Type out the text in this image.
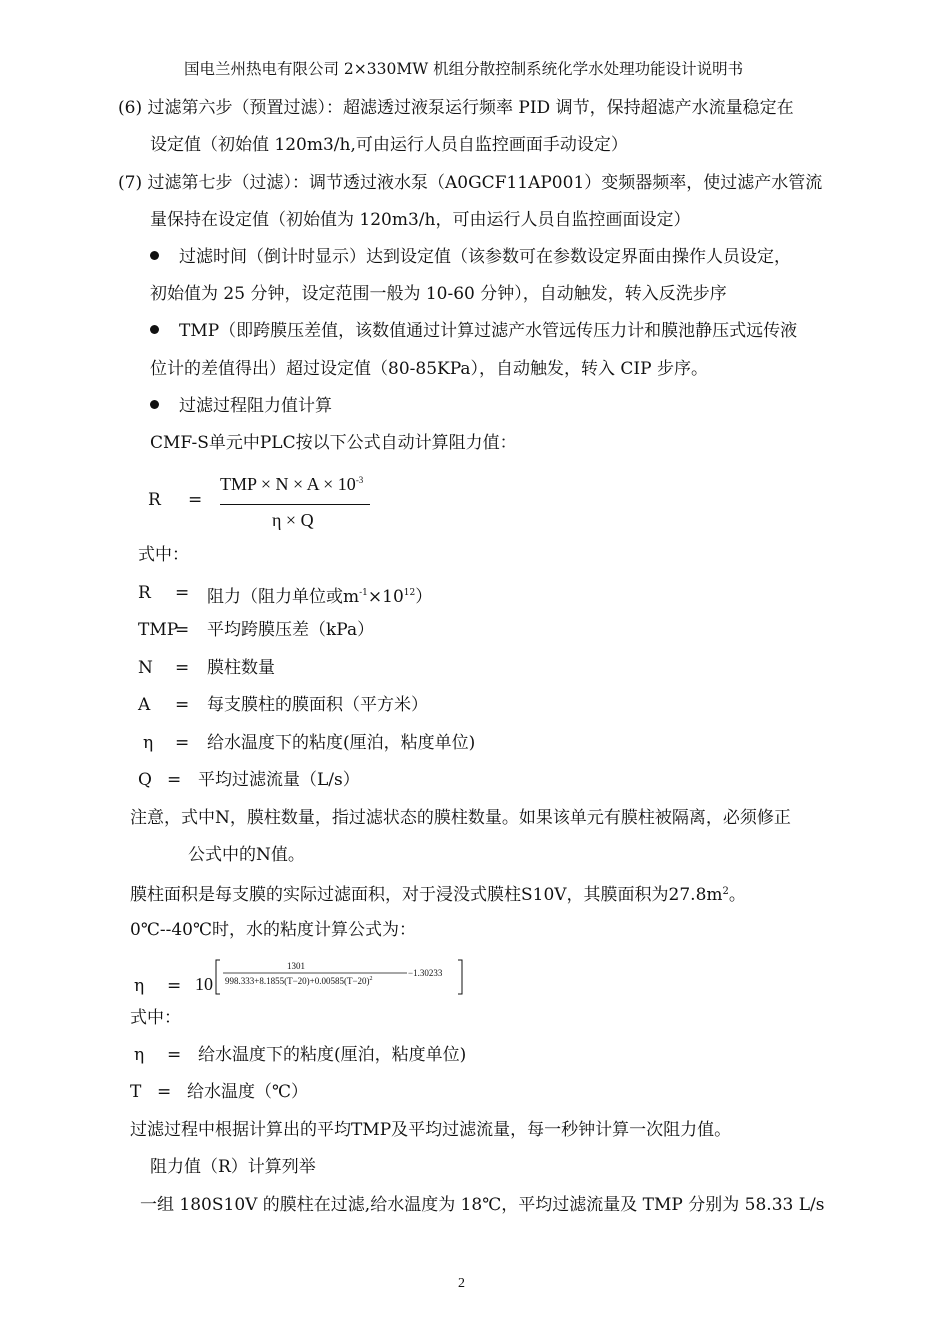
国电兰州热电有限公司 2×330MW 机组分散控制系统化学水处理功能设计说明书
(6) 过滤第六步（预置过滤）：超滤透过液泵运行频率 PID 调节，保持超滤产水流量稳定在
设定值（初始值 120m3/h,可由运行人员自监控画面手动设定）
(7) 过滤第七步（过滤）：调节透过液水泵（A0GCF11AP001）变频器频率，使过滤产水管流
量保持在设定值（初始值为 120m3/h，可由运行人员自监控画面设定）
过滤时间（倒计时显示）达到设定值（该参数可在参数设定界面由操作人员设定，
初始值为 25 分钟，设定范围一般为 10-60 分钟），自动触发，转入反洗步序
TMP（即跨膜压差值，该数值通过计算过滤产水管远传压力计和膜池静压式远传液
位计的差值得出）超过设定值（80-85KPa），自动触发，转入 CIP 步序。
过滤过程阻力值计算
CMF-S单元中PLC按以下公式自动计算阻力值：
R =
TMP × $N \times A \times 10^{-3}$
η × Q
式中：
R = 阻力（阻力单位或$m^{-1}\times 10^{12}$）
TMP
= 平均跨膜压差（kPa）
N = 膜柱数量
A = 每支膜柱的膜面积（平方米）
η = 给水温度下的粘度(厘泊，粘度单位)
Q = 平均过滤流量（L/s）
注意，式中N，膜柱数量，指过滤状态的膜柱数量。如果该单元有膜柱被隔离，必须修正
公式中的N值。
膜柱面积是每支膜的实际过滤面积，对于浸没式膜柱S10V，其膜面积为$27.8m^2$。
0℃--40℃时，水的粘度计算公式为：
η = 10
1301
$998.333+8.1855(T-20)+0.00585(T-20)^2$
−1.30233
式中：
η = 给水温度下的粘度(厘泊，粘度单位)
T = 给水温度（℃）
过滤过程中根据计算出的平均TMP及平均过滤流量，每一秒钟计算一次阻力值。
阻力值（R）计算列举
一组 180S10V 的膜柱在过滤,给水温度为 18℃，平均过滤流量及 TMP 分别为 58.33 L/s
2
